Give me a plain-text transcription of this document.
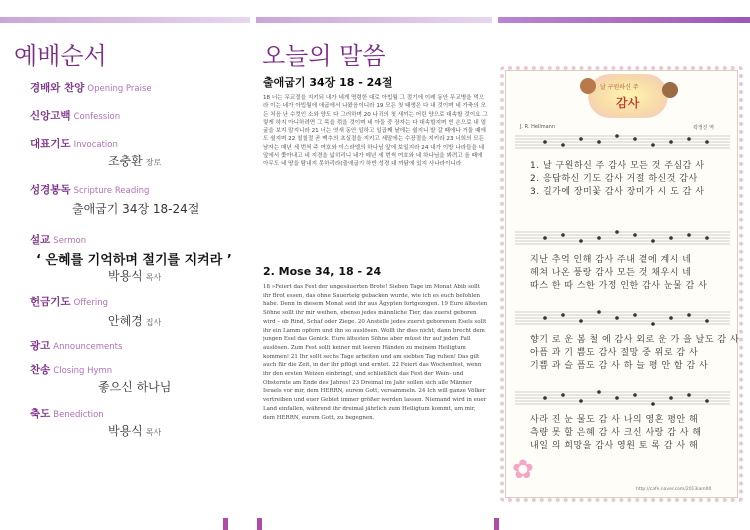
예배순서
경배와 찬양 Opening Praise
신앙고백 Confession
대표기도 Invocation
조충환 장로
성경봉독 Scripture Reading
출애굽기 34장 18-24절
설교 Sermon
‘ 은혜를 기억하며 절기를 지켜라 ’
박용식 목사
헌금기도 Offering
안혜경 집사
광고 Announcements
찬송 Closing Hymn
좋으신 하나님
축도 Benediction
박용식 목사
오늘의 말씀
출애굽기 34장 18 - 24절
18 너는 무교절을 지키되 내가 네게 명령한 대로 아빕월 그 절기에 이레 동안 무교병을 먹으라 이는 네가 아빕월에 애굽에서 나왔음이니라 19 모든 첫 태생은 다 내 것이며 네 가축의 모든 처음 난 수컷인 소와 양도 다 그러하며 20 나귀의 첫 새끼는 어린 양으로 대속할 것이요 그렇게 하지 아니하려면 그 목을 꺾을 것이며 네 아들 중 장자는 다 대속할지며 빈 손으로 내 얼굴을 보지 말지니라 21 너는 엿새 동안 일하고 일곱째 날에는 쉴지니 밭 갈 때에나 거둘 때에도 쉴지며 22 칠칠절 곧 맥추의 초실절을 지키고 세말에는 수장절을 지키라 23 너희의 모든 남자는 매년 세 번씩 주 여호와 이스라엘의 하나님 앞에 보일지라 24 내가 이방 나라들을 네 앞에서 쫓아내고 네 지경을 넓히리니 네가 매년 세 번씩 여호와 네 하나님을 뵈려고 올 때에 아무도 네 땅을 탐내지 못하리라(출애굽기 하반 성경 대 까닭에 있지 사나라이니라
2. Mose 34, 18 - 24
18 »Feiert das Fest der ungesäuerten Brote! Sieben Tage im Monat Abib sollt ihr Brot essen, das ohne Sauerteig gebacken wurde, wie ich es euch befohlen habe. Denn in diesem Monat seid ihr aus Ägypten fortgezogen. 19 Eure ältesten Söhne sollt ihr mir weihen, ebenso jedes männliche Tier, das zuerst geboren wird – ob Rind, Schaf oder Ziege. 20 Anstelle jedes zuerst geborenen Esels sollt ihr ein Lamm opfern und ihn so auslösen. Wollt ihr dies nicht, dann brecht dem jungen Esel das Genick. Eure ältesten Söhne aber müsst ihr auf jeden Fall auslösen. Zum Fest sollt keiner mit leeren Händen zu meinem Heiligtum kommen! 21 Ihr sollt sechs Tage arbeiten und am siebten Tag ruhen! Das gilt auch für die Zeit, in der ihr pflügt und erntet. 22 Feiert das Wochenfest, wenn ihr den ersten Weizen einbringt, und schließlich das Fest der Wein- und Obsternte am Ende des Jahres! 23 Dreimal im Jahr sollen sich alle Männer Israels vor mir, dem HERRN, eurem Gott, versammeln. 24 Ich will ganze Völker vertreiben und euer Gebiet immer größer werden lassen. Niemand wird in euer Land einfallen, während ihr dreimal jährlich zum Heiligtum kommt, um mir, dem HERRN, eurem Gott, zu begegnen.
날 구원하신 주
감사
J. R. Hellmann	곽정진 역
1. 날 구원하신 주 감사 모든 것 주심감 사
2. 응답하신 기도 감사 거절 하신것 감사
3. 길가에 장미꽃 감사 장미가 시 도 감 사
지난 추억 인해 감사 주내 곁에 계시 네
헤쳐 나온 풍랑 감사 모든 것 채우시 네
따스 한 따 스한 가정 인한 감사 눈물 감 사
향기 로 운 봄 철 에 감사 외로 운 가 을 날도 감 사
아픔 과 기 쁨도 감사 절망 중 위로 감 사
기쁨 과 슬 픔도 감 사 하 늘 평 안 함 감 사
사라 진 눈 물도 감 사 나의 영혼 평안 해
측량 못 할 은혜 감 사 크신 사랑 감 사 해
내일 의 희망을 감사 영원 토 록 감 사 해
✿
http://cafe.naver.com/2013iam00
